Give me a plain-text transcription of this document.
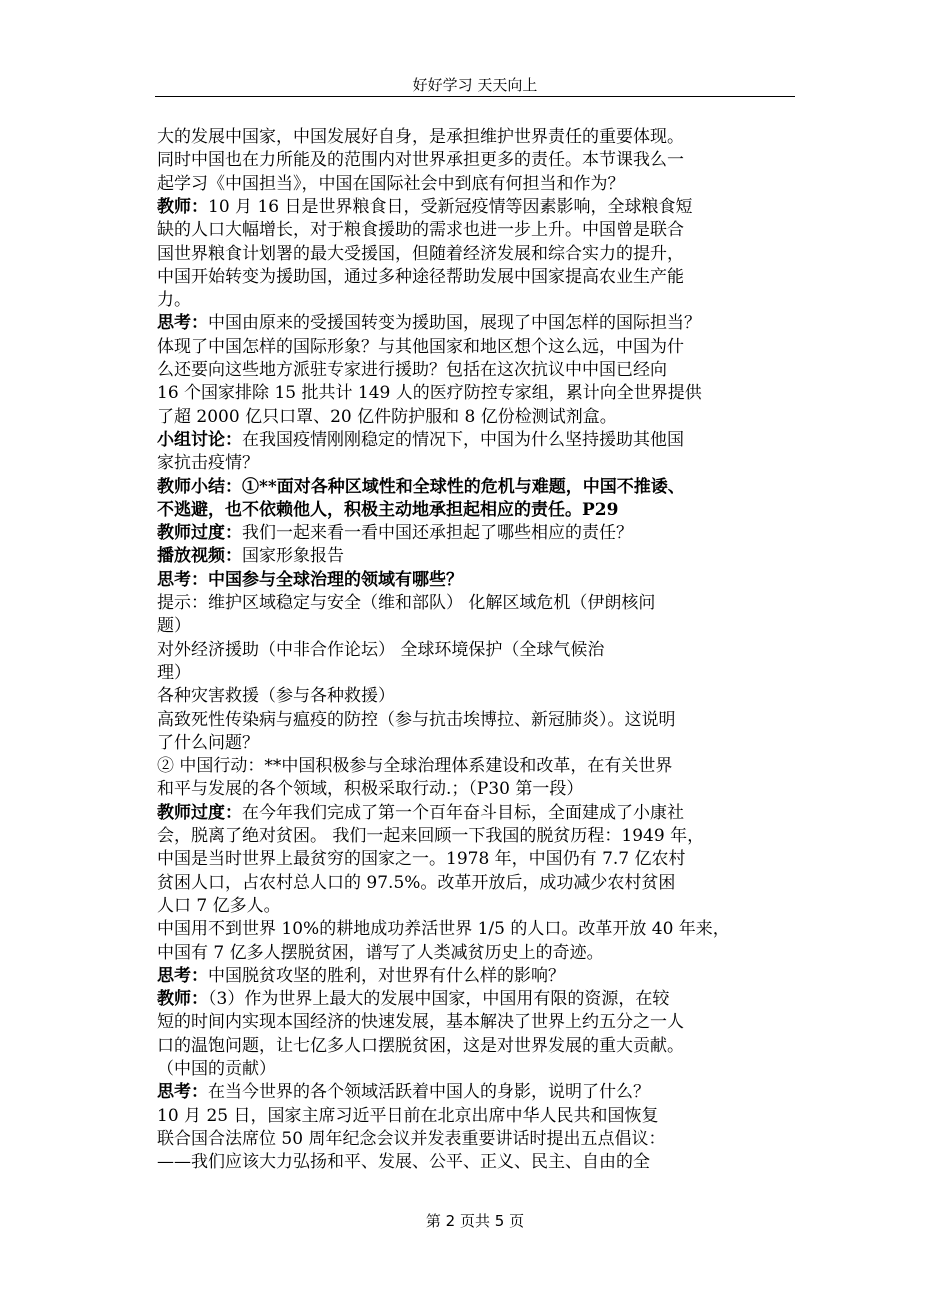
好好学习 天天向上
大的发展中国家，中国发展好自身，是承担维护世界责任的重要体现。
同时中国也在力所能及的范围内对世界承担更多的责任。本节课我么一
起学习《中国担当》，中国在国际社会中到底有何担当和作为？
教师：10 月 16 日是世界粮食日，受新冠疫情等因素影响，全球粮食短
缺的人口大幅增长，对于粮食援助的需求也进一步上升。中国曾是联合
国世界粮食计划署的最大受援国，但随着经济发展和综合实力的提升，
中国开始转变为援助国，通过多种途径帮助发展中国家提高农业生产能
力。
思考：中国由原来的受援国转变为援助国，展现了中国怎样的国际担当？
体现了中国怎样的国际形象？与其他国家和地区想个这么远，中国为什
么还要向这些地方派驻专家进行援助？包括在这次抗议中中国已经向
16 个国家排除 15 批共计 149 人的医疗防控专家组，累计向全世界提供
了超 2000 亿只口罩、20 亿件防护服和 8 亿份检测试剂盒。
小组讨论：在我国疫情刚刚稳定的情况下，中国为什么坚持援助其他国
家抗击疫情？
教师小结：①**面对各种区域性和全球性的危机与难题，中国不推诿、
不逃避，也不依赖他人，积极主动地承担起相应的责任。P29
教师过度：我们一起来看一看中国还承担起了哪些相应的责任？
播放视频：国家形象报告
思考：中国参与全球治理的领域有哪些？
提示：维护区域稳定与安全（维和部队） 化解区域危机（伊朗核问
题）
对外经济援助（中非合作论坛） 全球环境保护（全球气候治
理）
各种灾害救援（参与各种救援）
高致死性传染病与瘟疫的防控（参与抗击埃博拉、新冠肺炎）。这说明
了什么问题？
② 中国行动：**中国积极参与全球治理体系建设和改革，在有关世界
和平与发展的各个领域，积极采取行动.；（P30 第一段）
教师过度：在今年我们完成了第一个百年奋斗目标，全面建成了小康社
会，脱离了绝对贫困。 我们一起来回顾一下我国的脱贫历程：1949 年，
中国是当时世界上最贫穷的国家之一。1978 年，中国仍有 7.7 亿农村
贫困人口，占农村总人口的 97.5%。改革开放后，成功减少农村贫困
人口 7 亿多人。
中国用不到世界 10%的耕地成功养活世界 1/5 的人口。改革开放 40 年来，
中国有 7 亿多人摆脱贫困，谱写了人类减贫历史上的奇迹。
思考：中国脱贫攻坚的胜利，对世界有什么样的影响？
教师：（3）作为世界上最大的发展中国家，中国用有限的资源，在较
短的时间内实现本国经济的快速发展，基本解决了世界上约五分之一人
口的温饱问题，让七亿多人口摆脱贫困，这是对世界发展的重大贡献。
（中国的贡献）
思考：在当今世界的各个领域活跃着中国人的身影，说明了什么？
10 月 25 日，国家主席习近平日前在北京出席中华人民共和国恢复
联合国合法席位 50 周年纪念会议并发表重要讲话时提出五点倡议：
——我们应该大力弘扬和平、发展、公平、正义、民主、自由的全
第 2 页共 5 页
